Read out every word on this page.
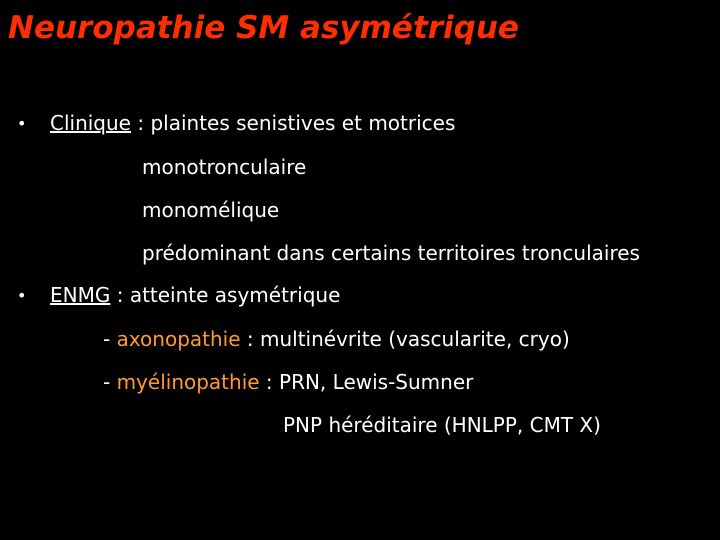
Neuropathie SM asymétrique
• Clinique : plaintes senistives et motrices
monotronculaire
monomélique
prédominant dans certains territoires tronculaires
• ENMG : atteinte asymétrique
- axonopathie : multinévrite (vascularite, cryo)
- myélinopathie : PRN, Lewis-Sumner
PNP héréditaire (HNLPP, CMT X)
